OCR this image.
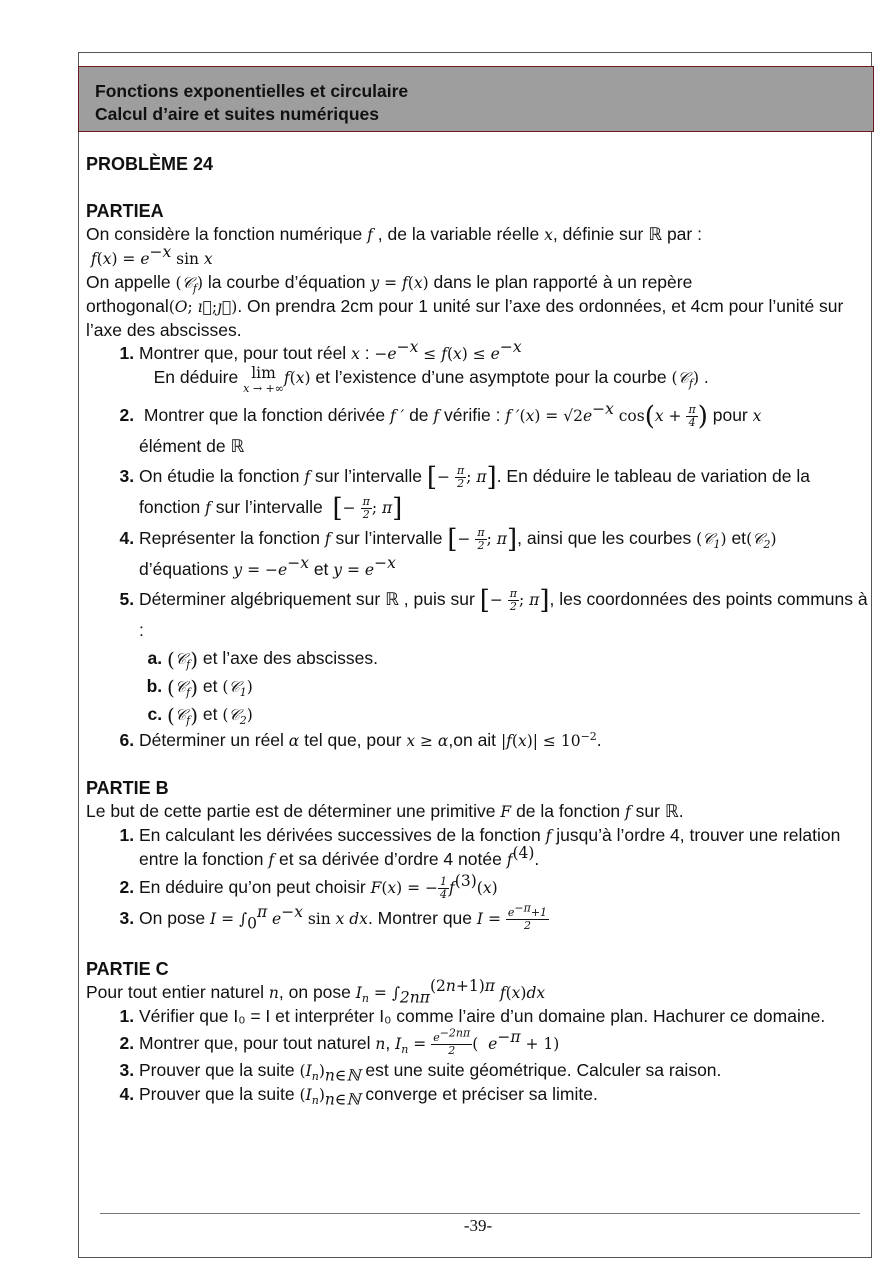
Fonctions exponentielles et circulaire
Calcul d’aire et suites numériques
PROBLÈME 24
PARTIEA
On considère la fonction numérique f , de la variable réelle x, définie sur ℝ par :
$f(x) = e^{-x}$ sin x
On appelle (𝒞$_f$) la courbe d’équation y = f(x) dans le plan rapporté à un repère
orthogonal(O; ı⃗;ȷ⃗). On prendra 2cm pour 1 unité sur l’axe des ordonnées, et 4cm pour l’unité sur l’axe des abscisses.
1. Montrer que, pour tout réel x : $-e^{-x} \le f(x) \le e^{-x}$
En déduire lim
x → +∞f(x) et l’existence d’une asymptote pour la courbe (𝒞$_f$) .
2. Montrer que la fonction dérivée f ′ de f vérifie : f $'(x) = √2e^{-x}$ $\cos(x + \frac{\pi}{4}$ ) pour x
élément de ℝ
3. On étudie la fonction f sur l’intervalle [− $\frac{\pi}{2}$ ; π]. En déduire le tableau de variation de la fonction f sur l’intervalle [− $\frac{\pi}{2}$ ; π]
4. Représenter la fonction f sur l’intervalle [− $\frac{\pi}{2}$ ; π], ainsi que les courbes (𝒞$_1$) et(𝒞$_2$)
d’équations $y = -e^{-x}$ et $y = e^{-x}$
5. Déterminer algébriquement sur ℝ , puis sur [− $\frac{\pi}{2}$ ; π], les coordonnées des points communs à :
a. (𝒞$_f$) et l’axe des abscisses.
b. (𝒞$_f$) et (𝒞$_1$)
c. (𝒞$_f$) et (𝒞$_2$)
6. Déterminer un réel α tel que, pour x ≥ α,on ait $|f(x)| \le 10^{-2}$.
PARTIE B
Le but de cette partie est de déterminer une primitive F de la fonction f sur ℝ.
1. En calculant les dérivées successives de la fonction f jusqu’à l’ordre 4, trouver une relation entre la fonction f et sa dérivée d’ordre 4 notée $f^{(4)}$.
2. En déduire qu’on peut choisir F(x) = − $\frac{1}{4} f^{(3)}(x)$
3. On pose $I = \int_0^\pi$ $e^{-x}$ sin x dx. Montrer que $I = \frac{e^{-\pi}+1}{2}$
PARTIE C
Pour tout entier naturel n, on pose $I_n = \int_{2n\pi}^{(2n+1)\pi}$ f(x)dx
1. Vérifier que I₀ = I et interpréter I₀ comme l’aire d’un domaine plan. Hachurer ce domaine.
2. Montrer que, pour tout naturel n, $I_n = \frac{e^{-2n\pi}}{2}$ (  $e^{-\pi} + 1$)
3. Prouver que la suite $(I_n)_{n\in ℕ}$ est une suite géométrique. Calculer sa raison.
4. Prouver que la suite $(I_n)_{n\in ℕ}$ converge et préciser sa limite.
-39-
